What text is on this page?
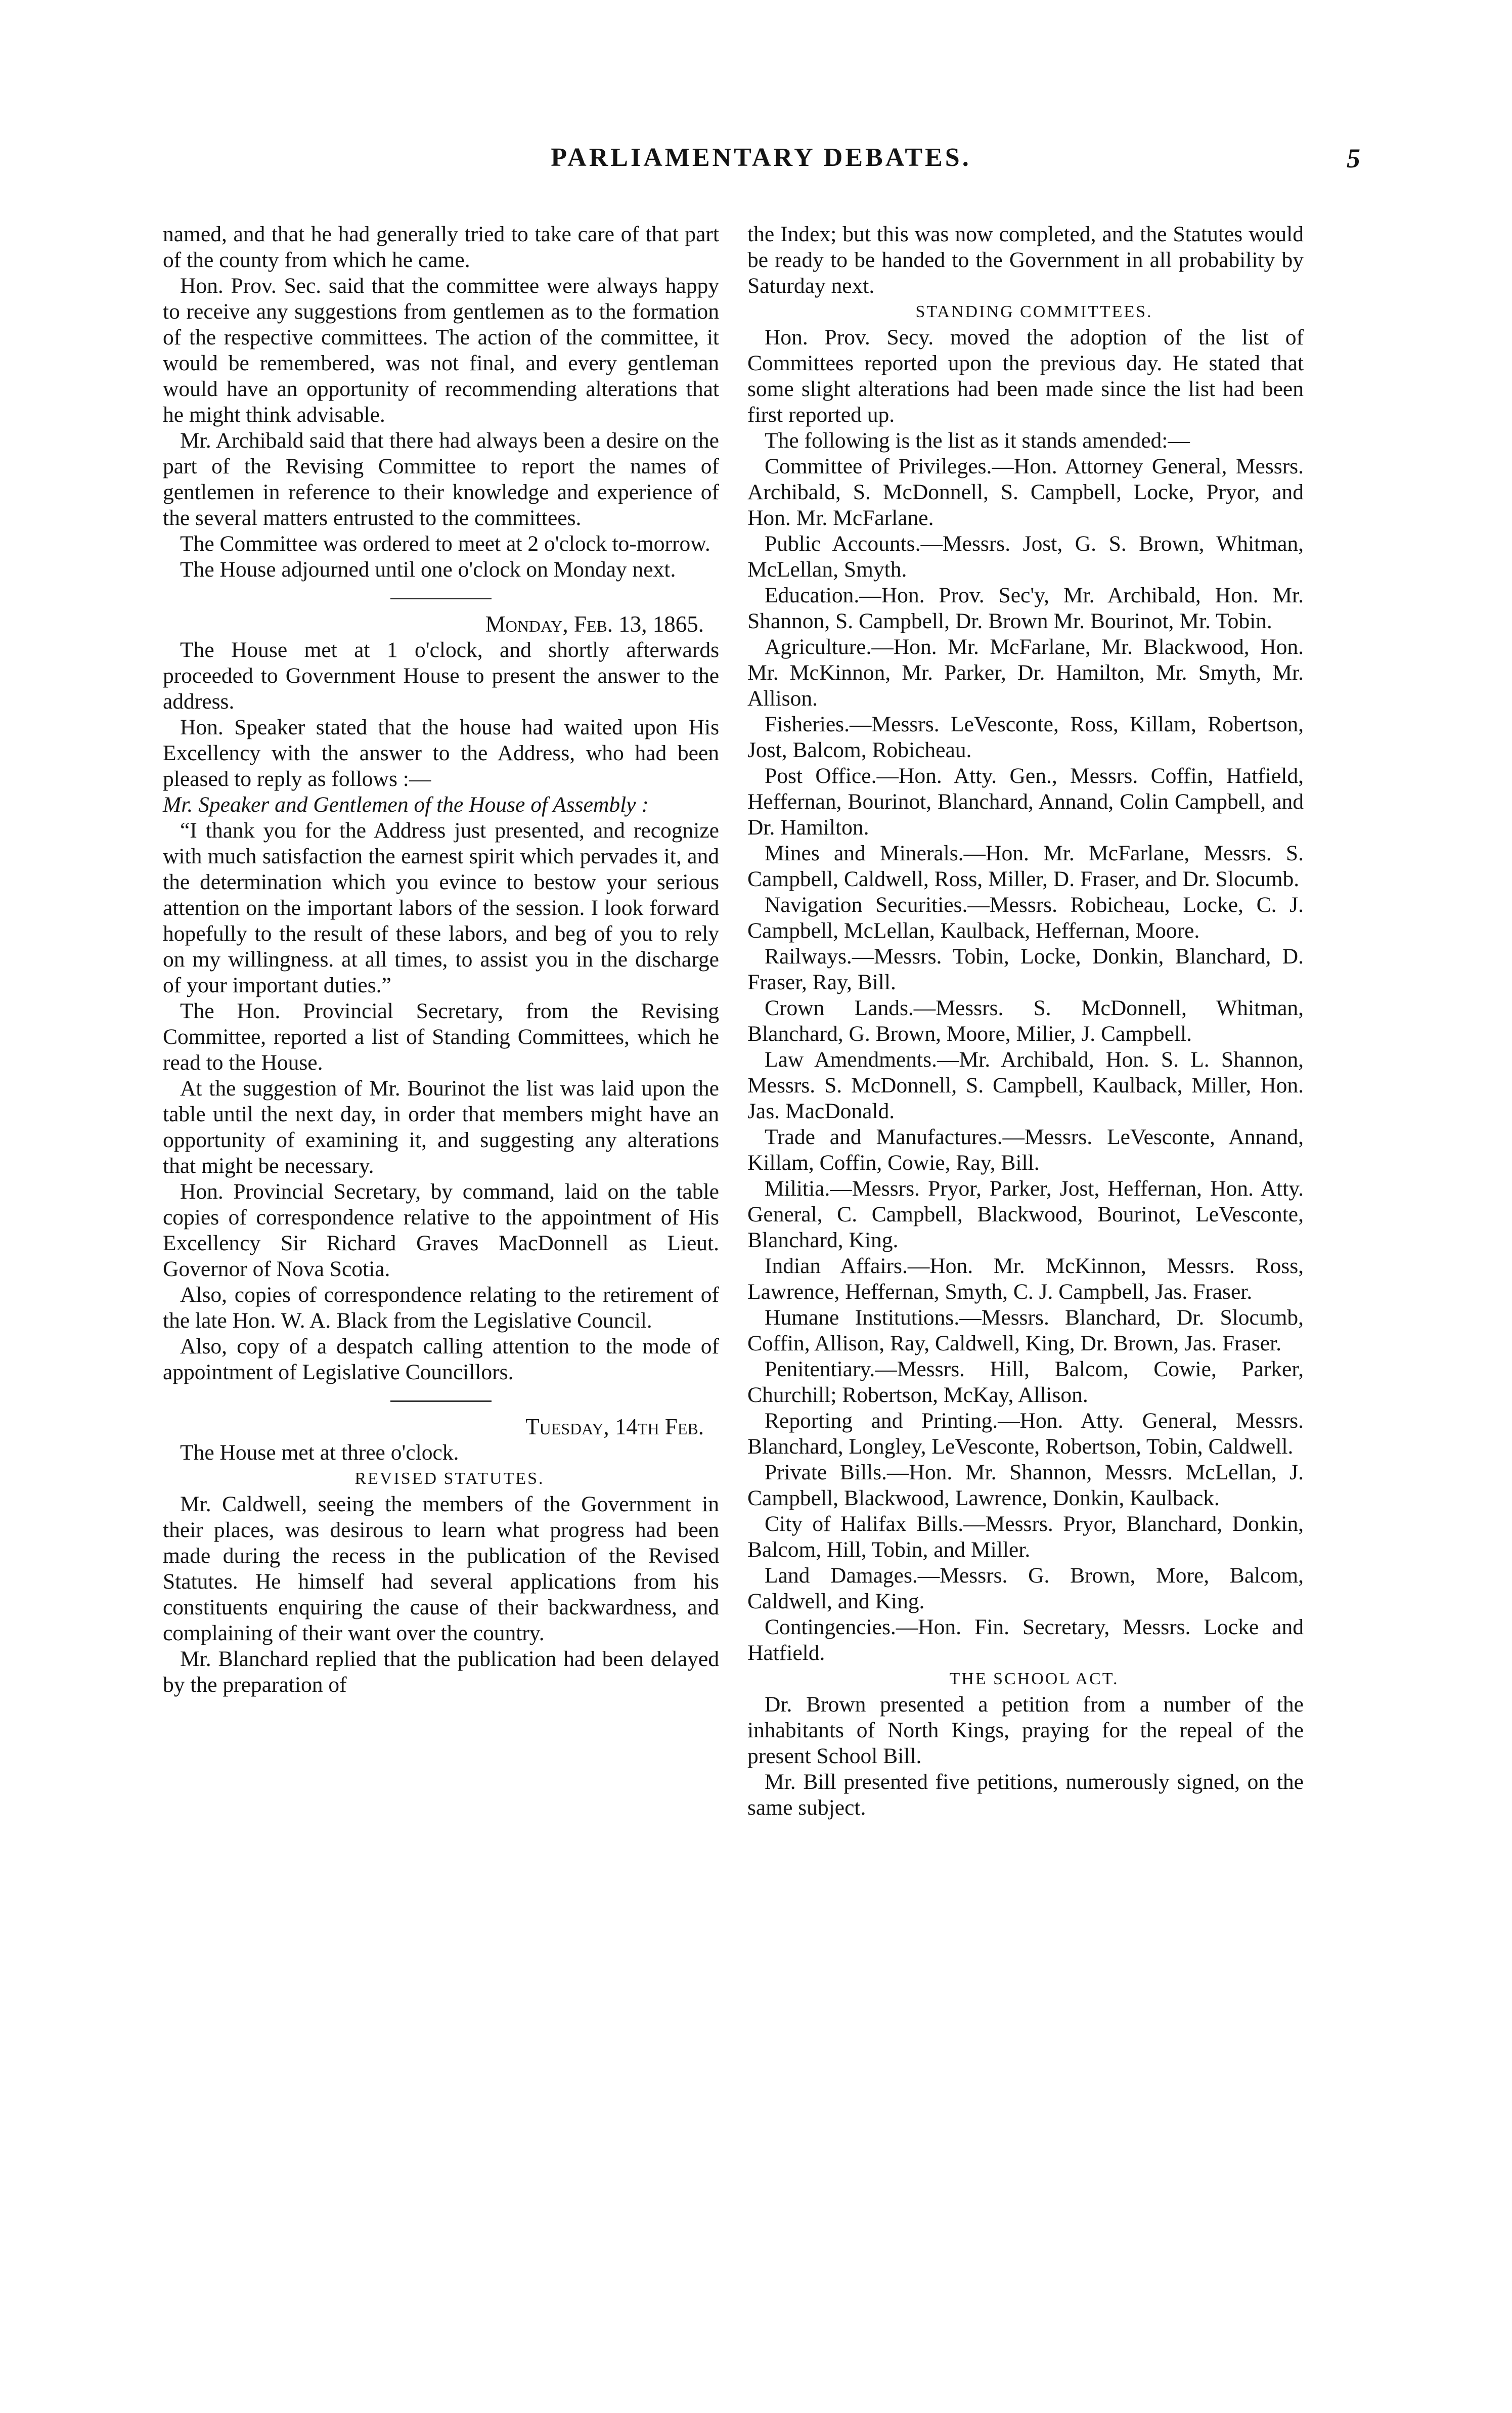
PARLIAMENTARY DEBATES.	5

named, and that he had generally tried to take care of that part of the county from which he came.

Hon. Prov. Sec. said that the committee were always happy to receive any suggestions from gentlemen as to the formation of the respective committees. The action of the committee, it would be remembered, was not final, and every gentleman would have an opportunity of recommending alterations that he might think advisable.

Mr. Archibald said that there had always been a desire on the part of the Revising Committee to report the names of gentlemen in reference to their knowledge and experience of the several matters entrusted to the committees.

The Committee was ordered to meet at 2 o'clock to-morrow.

The House adjourned until one o'clock on Monday next.

Monday, Feb. 13, 1865.

The House met at 1 o'clock, and shortly afterwards proceeded to Government House to present the answer to the address.

Hon. Speaker stated that the house had waited upon His Excellency with the answer to the Address, who had been pleased to reply as follows :—

Mr. Speaker and Gentlemen of the House of Assembly :

“I thank you for the Address just presented, and recognize with much satisfaction the earnest spirit which pervades it, and the determination which you evince to bestow your serious attention on the important labors of the session. I look forward hopefully to the result of these labors, and beg of you to rely on my willingness. at all times, to assist you in the discharge of your important duties.”

The Hon. Provincial Secretary, from the Revising Committee, reported a list of Standing Committees, which he read to the House.

At the suggestion of Mr. Bourinot the list was laid upon the table until the next day, in order that members might have an opportunity of examining it, and suggesting any alterations that might be necessary.

Hon. Provincial Secretary, by command, laid on the table copies of correspondence relative to the appointment of His Excellency Sir Richard Graves MacDonnell as Lieut. Governor of Nova Scotia.

Also, copies of correspondence relating to the retirement of the late Hon. W. A. Black from the Legislative Council.

Also, copy of a despatch calling attention to the mode of appointment of Legislative Councillors.

Tuesday, 14th Feb.

The House met at three o'clock.

REVISED STATUTES.

Mr. Caldwell, seeing the members of the Government in their places, was desirous to learn what progress had been made during the recess in the publication of the Revised Statutes. He himself had several applications from his constituents enquiring the cause of their backwardness, and complaining of their want over the country.

Mr. Blanchard replied that the publication had been delayed by the preparation of

the Index; but this was now completed, and the Statutes would be ready to be handed to the Government in all probability by Saturday next.

STANDING COMMITTEES.

Hon. Prov. Secy. moved the adoption of the list of Committees reported upon the previous day. He stated that some slight alterations had been made since the list had been first reported up.

The following is the list as it stands amended:—

Committee of Privileges.—Hon. Attorney General, Messrs. Archibald, S. McDonnell, S. Campbell, Locke, Pryor, and Hon. Mr. McFarlane.

Public Accounts.—Messrs. Jost, G. S. Brown, Whitman, McLellan, Smyth.

Education.—Hon. Prov. Sec'y, Mr. Archibald, Hon. Mr. Shannon, S. Campbell, Dr. Brown Mr. Bourinot, Mr. Tobin.

Agriculture.—Hon. Mr. McFarlane, Mr. Blackwood, Hon. Mr. McKinnon, Mr. Parker, Dr. Hamilton, Mr. Smyth, Mr. Allison.

Fisheries.—Messrs. LeVesconte, Ross, Killam, Robertson, Jost, Balcom, Robicheau.

Post Office.—Hon. Atty. Gen., Messrs. Coffin, Hatfield, Heffernan, Bourinot, Blanchard, Annand, Colin Campbell, and Dr. Hamilton.

Mines and Minerals.—Hon. Mr. McFarlane, Messrs. S. Campbell, Caldwell, Ross, Miller, D. Fraser, and Dr. Slocumb.

Navigation Securities.—Messrs. Robicheau, Locke, C. J. Campbell, McLellan, Kaulback, Heffernan, Moore.

Railways.—Messrs. Tobin, Locke, Donkin, Blanchard, D. Fraser, Ray, Bill.

Crown Lands.—Messrs. S. McDonnell, Whitman, Blanchard, G. Brown, Moore, Milier, J. Campbell.

Law Amendments.—Mr. Archibald, Hon. S. L. Shannon, Messrs. S. McDonnell, S. Campbell, Kaulback, Miller, Hon. Jas. MacDonald.

Trade and Manufactures.—Messrs. LeVesconte, Annand, Killam, Coffin, Cowie, Ray, Bill.

Militia.—Messrs. Pryor, Parker, Jost, Heffernan, Hon. Atty. General, C. Campbell, Blackwood, Bourinot, LeVesconte, Blanchard, King.

Indian Affairs.—Hon. Mr. McKinnon, Messrs. Ross, Lawrence, Heffernan, Smyth, C. J. Campbell, Jas. Fraser.

Humane Institutions.—Messrs. Blanchard, Dr. Slocumb, Coffin, Allison, Ray, Caldwell, King, Dr. Brown, Jas. Fraser.

Penitentiary.—Messrs. Hill, Balcom, Cowie, Parker, Churchill; Robertson, McKay, Allison.

Reporting and Printing.—Hon. Atty. General, Messrs. Blanchard, Longley, LeVesconte, Robertson, Tobin, Caldwell.

Private Bills.—Hon. Mr. Shannon, Messrs. McLellan, J. Campbell, Blackwood, Lawrence, Donkin, Kaulback.

City of Halifax Bills.—Messrs. Pryor, Blanchard, Donkin, Balcom, Hill, Tobin, and Miller.

Land Damages.—Messrs. G. Brown, More, Balcom, Caldwell, and King.

Contingencies.—Hon. Fin. Secretary, Messrs. Locke and Hatfield.

THE SCHOOL ACT.

Dr. Brown presented a petition from a number of the inhabitants of North Kings, praying for the repeal of the present School Bill.

Mr. Bill presented five petitions, numerously signed, on the same subject.
